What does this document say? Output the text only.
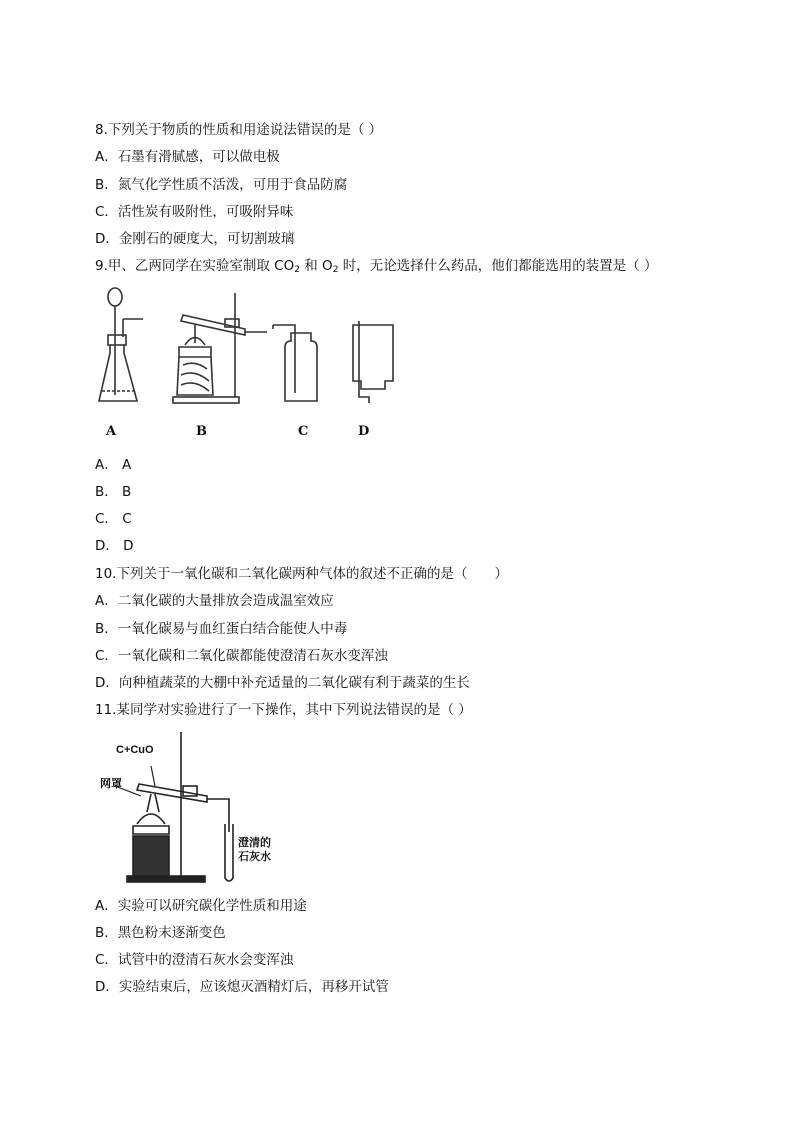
8.下列关于物质的性质和用途说法错误的是（ ）
A．石墨有滑腻感，可以做电极
B．氮气化学性质不活泼，可用于食品防腐
C．活性炭有吸附性，可吸附异味
D．金刚石的硬度大，可切割玻璃
9.甲、乙两同学在实验室制取 $CO_2$ 和 $O_2$ 时，无论选择什么药品，他们都能选用的装置是（ ）
A	B	C	D
A． A
B． B
C． C
D． D
10.下列关于一氧化碳和二氧化碳两种气体的叙述不正确的是（　　）
A．二氧化碳的大量排放会造成温室效应
B．一氧化碳易与血红蛋白结合能使人中毒
C．一氧化碳和二氧化碳都能使澄清石灰水变浑浊
D．向种植蔬菜的大棚中补充适量的二氧化碳有利于蔬菜的生长
11.某同学对实验进行了一下操作，其中下列说法错误的是（ ）
C+CuO
网罩
澄清的
石灰水
A．实验可以研究碳化学性质和用途
B．黑色粉末逐渐变色
C．试管中的澄清石灰水会变浑浊
D．实验结束后，应该熄灭酒精灯后，再移开试管
